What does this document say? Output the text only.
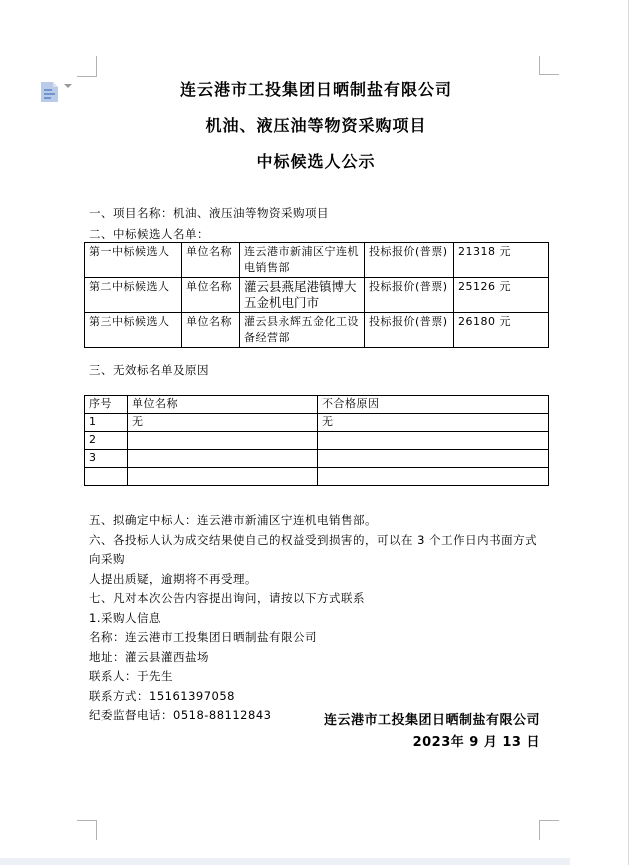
连云港市工投集团日晒制盐有限公司
机油、液压油等物资采购项目
中标候选人公示
一、项目名称：机油、液压油等物资采购项目
二、中标候选人名单：
第一中标候选人	单位名称	连云港市新浦区宁连机电销售部	投标报价(普票)	21318 元
第二中标候选人	单位名称	灌云县燕尾港镇博大五金机电门市	投标报价(普票)	25126 元
第三中标候选人	单位名称	灌云县永辉五金化工设备经营部	投标报价(普票)	26180 元
三、无效标名单及原因
序号	单位名称	不合格原因
1	无	无
2		
3		

五、拟确定中标人：连云港市新浦区宁连机电销售部。
六、各投标人认为成交结果使自己的权益受到损害的，可以在 3 个工作日内书面方式向采购
人提出质疑，逾期将不再受理。
七、凡对本次公告内容提出询问，请按以下方式联系
1.采购人信息
名称：连云港市工投集团日晒制盐有限公司
地址：灌云县灌西盐场
联系人：于先生
联系方式：15161397058
纪委监督电话：0518-88112843	连云港市工投集团日晒制盐有限公司
2023年 9 月 13 日
